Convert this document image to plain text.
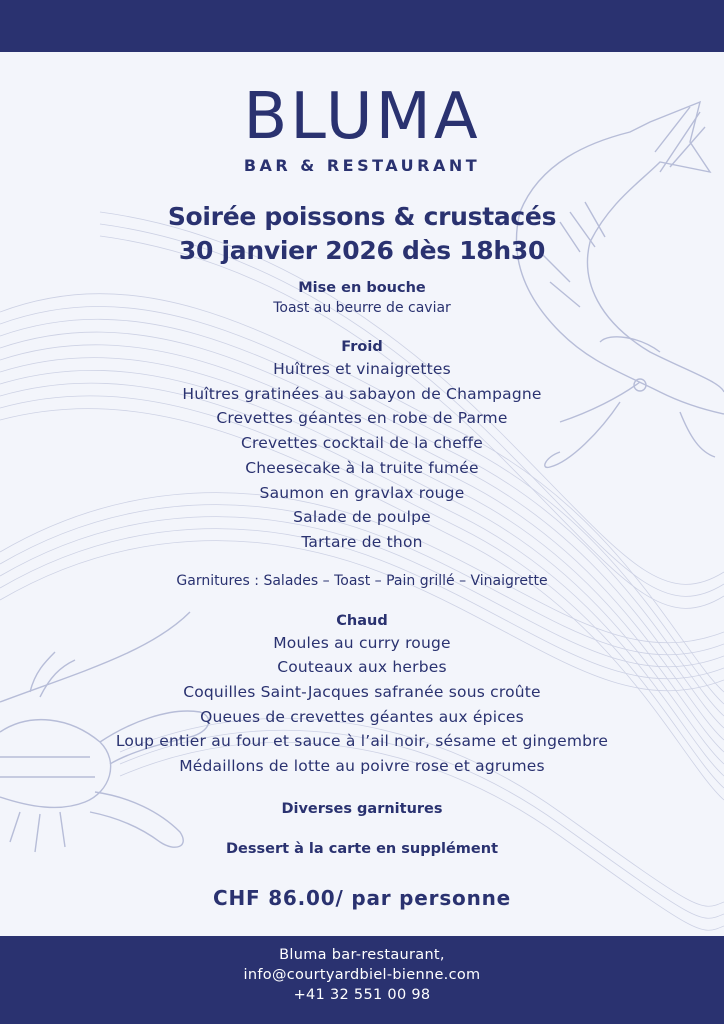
BLUMA
BAR & RESTAURANT
Soirée poissons & crustacés
30 janvier 2026 dès 18h30
Mise en bouche
Toast au beurre de caviar
Froid
Huîtres et vinaigrettes
Huîtres gratinées au sabayon de Champagne
Crevettes géantes en robe de Parme
Crevettes cocktail de la cheffe
Cheesecake à la truite fumée
Saumon en gravlax rouge
Salade de poulpe
Tartare de thon
Garnitures : Salades – Toast – Pain grillé – Vinaigrette
Chaud
Moules au curry rouge
Couteaux aux herbes
Coquilles Saint-Jacques safranée sous croûte
Queues de crevettes géantes aux épices
Loup entier au four et sauce à l’ail noir, sésame et gingembre
Médaillons de lotte au poivre rose et agrumes
Diverses garnitures
Dessert à la carte en supplément
CHF 86.00/ par personne
Bluma bar-restaurant,
info@courtyardbiel-bienne.com
+41 32 551 00 98
